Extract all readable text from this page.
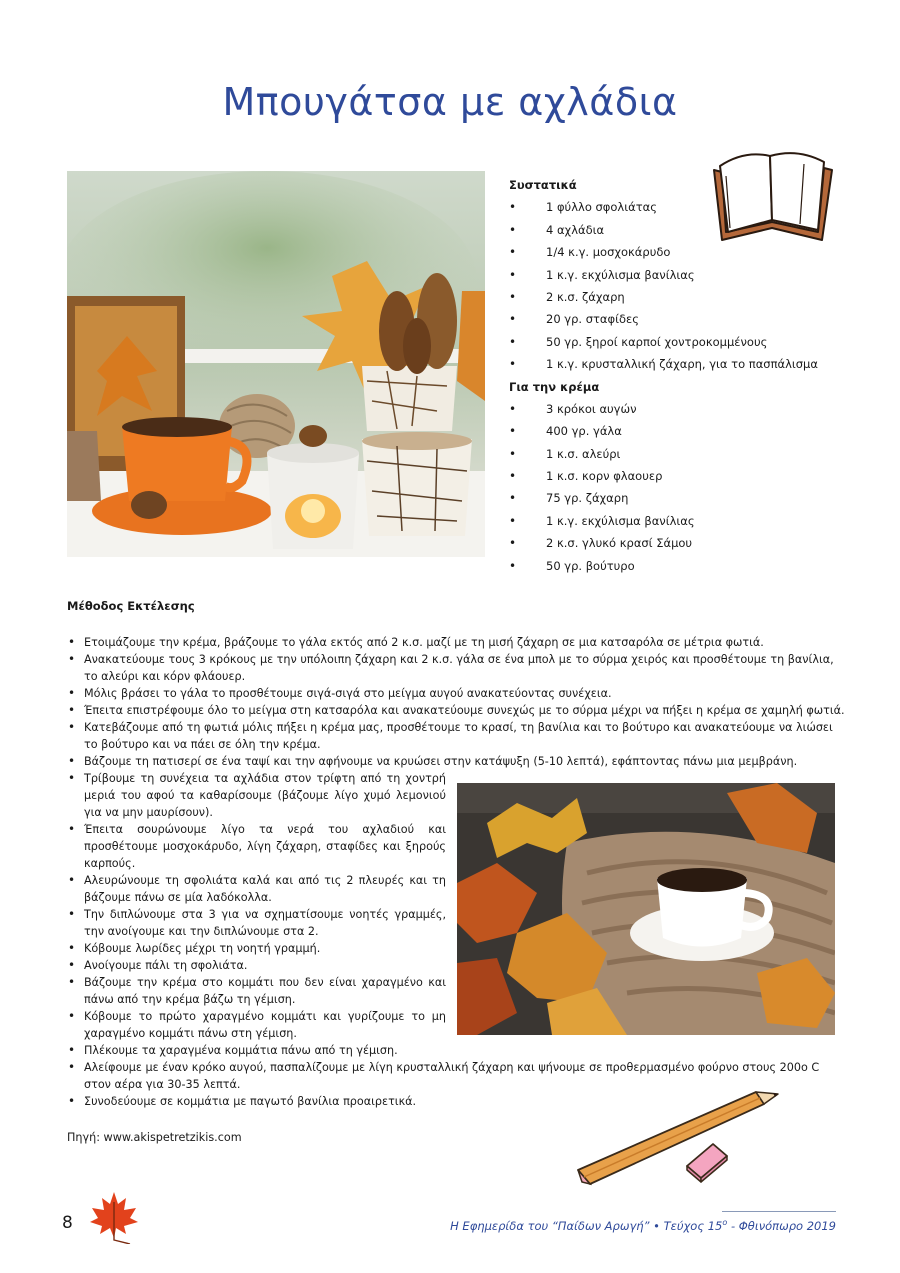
Μπουγάτσα με αχλάδια
Συστατικά
• 1 φύλλο σφολιάτας
• 4 αχλάδια
• 1/4 κ.γ. μοσχοκάρυδο
• 1 κ.γ. εκχύλισμα βανίλιας
• 2 κ.σ. ζάχαρη
• 20 γρ. σταφίδες
• 50 γρ. ξηροί καρποί χοντροκομμένους
• 1 κ.γ. κρυσταλλική ζάχαρη, για το πασπάλισμα
Για την κρέμα
• 3 κρόκοι αυγών
• 400 γρ. γάλα
• 1 κ.σ. αλεύρι
• 1 κ.σ. κορν φλαουερ
• 75 γρ. ζάχαρη
• 1 κ.γ. εκχύλισμα βανίλιας
• 2 κ.σ. γλυκό κρασί Σάμου
• 50 γρ. βούτυρο
Μέθοδος Εκτέλεσης
• Ετοιμάζουμε την κρέμα, βράζουμε το γάλα εκτός από 2 κ.σ. μαζί με τη μισή ζάχαρη σε μια κατσαρόλα σε μέτρια φωτιά.
• Ανακατεύουμε τους 3 κρόκους με την υπόλοιπη ζάχαρη και 2 κ.σ. γάλα σε ένα μπολ με το σύρμα χειρός και προσθέτουμε τη βανίλια, το αλεύρι και κόρν φλάουερ.
• Μόλις βράσει το γάλα το προσθέτουμε σιγά-σιγά στο μείγμα αυγού ανακατεύοντας συνέχεια.
• Έπειτα επιστρέφουμε όλο το μείγμα στη κατσαρόλα και ανακατεύουμε συνεχώς με το σύρμα μέχρι να πήξει η κρέμα σε χαμηλή φωτιά.
• Κατεβάζουμε από τη φωτιά μόλις πήξει η κρέμα μας, προσθέτουμε το κρασί, τη βανίλια και το βούτυρο και ανακατεύουμε να λιώσει το βούτυρο και να πάει σε όλη την κρέμα.
• Βάζουμε τη πατισερί σε ένα ταψί και την αφήνουμε να κρυώσει στην κατάψυξη (5-10 λεπτά), εφάπτοντας πάνω μια μεμβράνη.
• Τρίβουμε τη συνέχεια τα αχλάδια στον τρίφτη από τη χοντρή μεριά του αφού τα καθαρίσουμε (βάζουμε λίγο χυμό λεμονιού για να μην μαυρίσουν).
• Έπειτα σουρώνουμε λίγο τα νερά του αχλαδιού και προσθέτουμε μοσχοκάρυδο, λίγη ζάχαρη, σταφίδες και ξηρούς καρπούς.
• Αλευρώνουμε τη σφολιάτα καλά και από τις 2 πλευρές και τη βάζουμε πάνω σε μία λαδόκολλα.
• Την διπλώνουμε στα 3 για να σχηματίσουμε νοητές γραμμές, την ανοίγουμε και την διπλώνουμε στα 2.
• Κόβουμε λωρίδες μέχρι τη νοητή γραμμή.
• Ανοίγουμε πάλι τη σφολιάτα.
• Βάζουμε την κρέμα στο κομμάτι που δεν είναι χαραγμένο και πάνω από την κρέμα βάζω τη γέμιση.
• Κόβουμε το πρώτο χαραγμένο κομμάτι και γυρίζουμε το μη χαραγμένο κομμάτι πάνω στη γέμιση.
• Πλέκουμε τα χαραγμένα κομμάτια πάνω από τη γέμιση.
• Αλείφουμε με έναν κρόκο αυγού, πασπαλίζουμε με λίγη κρυσταλλική ζάχαρη και ψήνουμε σε προθερμασμένο φούρνο στους 200ο C στον αέρα για 30-35 λεπτά.
• Συνοδεύουμε σε κομμάτια με παγωτό βανίλια προαιρετικά.
Πηγή: www.akispetretzikis.com
8	Η Εφημερίδα του “Παίδων Αρωγή” • Τεύχος $15^o$ - Φθινόπωρο 2019
